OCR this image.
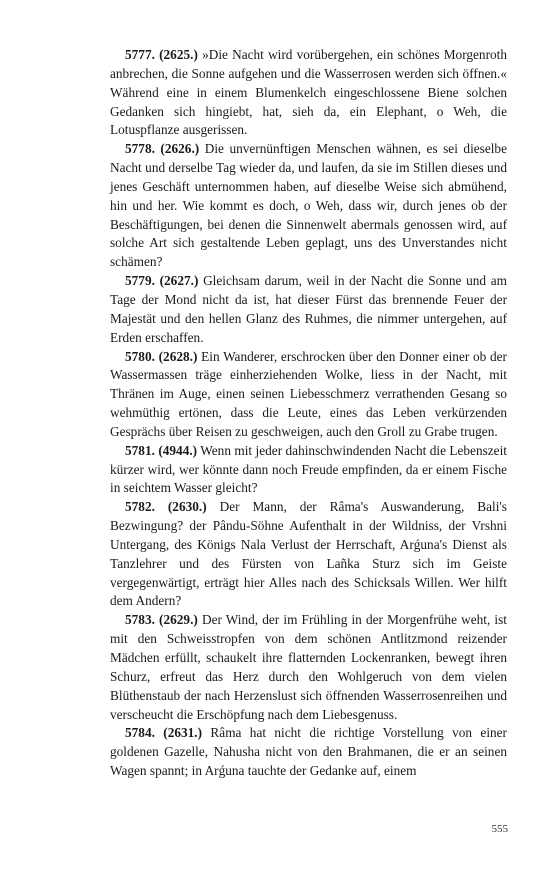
5777. (2625.) »Die Nacht wird vorübergehen, ein schönes Morgenroth anbrechen, die Sonne aufgehen und die Wasserrosen werden sich öffnen.« Während eine in einem Blumenkelch eingeschlossene Biene solchen Gedanken sich hingiebt, hat, sieh da, ein Elephant, o Weh, die Lotuspflanze ausgerissen.

5778. (2626.) Die unvernünftigen Menschen wähnen, es sei dieselbe Nacht und derselbe Tag wieder da, und laufen, da sie im Stillen dieses und jenes Geschäft unternommen haben, auf dieselbe Weise sich abmühend, hin und her. Wie kommt es doch, o Weh, dass wir, durch jenes ob der Beschäftigungen, bei denen die Sinnenwelt abermals genossen wird, auf solche Art sich gestaltende Leben geplagt, uns des Unverstandes nicht schämen?

5779. (2627.) Gleichsam darum, weil in der Nacht die Sonne und am Tage der Mond nicht da ist, hat dieser Fürst das brennende Feuer der Majestät und den hellen Glanz des Ruhmes, die nimmer untergehen, auf Erden erschaffen.

5780. (2628.) Ein Wanderer, erschrocken über den Donner einer ob der Wassermassen träge einherziehenden Wolke, liess in der Nacht, mit Thränen im Auge, einen seinen Liebesschmerz verrathenden Gesang so wehmüthig ertönen, dass die Leute, eines das Leben verkürzenden Gesprächs über Reisen zu geschweigen, auch den Groll zu Grabe trugen.

5781. (4944.) Wenn mit jeder dahinschwindenden Nacht die Lebenszeit kürzer wird, wer könnte dann noch Freude empfinden, da er einem Fische in seichtem Wasser gleicht?

5782. (2630.) Der Mann, der Râma's Auswanderung, Bali's Bezwingung? der Pându-Söhne Aufenthalt in der Wildniss, der Vrshni Untergang, des Königs Nala Verlust der Herrschaft, Arǵuna's Dienst als Tanzlehrer und des Fürsten von Lañka Sturz sich im Geiste vergegenwärtigt, erträgt hier Alles nach des Schicksals Willen. Wer hilft dem Andern?

5783. (2629.) Der Wind, der im Frühling in der Morgenfrühe weht, ist mit den Schweisstropfen von dem schönen Antlitzmond reizender Mädchen erfüllt, schaukelt ihre flatternden Lockenranken, bewegt ihren Schurz, erfreut das Herz durch den Wohlgeruch von dem vielen Blüthenstaub der nach Herzenslust sich öffnenden Wasserrosenreihen und verscheucht die Erschöpfung nach dem Liebesgenuss.

5784. (2631.) Râma hat nicht die richtige Vorstellung von einer goldenen Gazelle, Nahusha nicht von den Brahmanen, die er an seinen Wagen spannt; in Arǵuna tauchte der Gedanke auf, einem

555
